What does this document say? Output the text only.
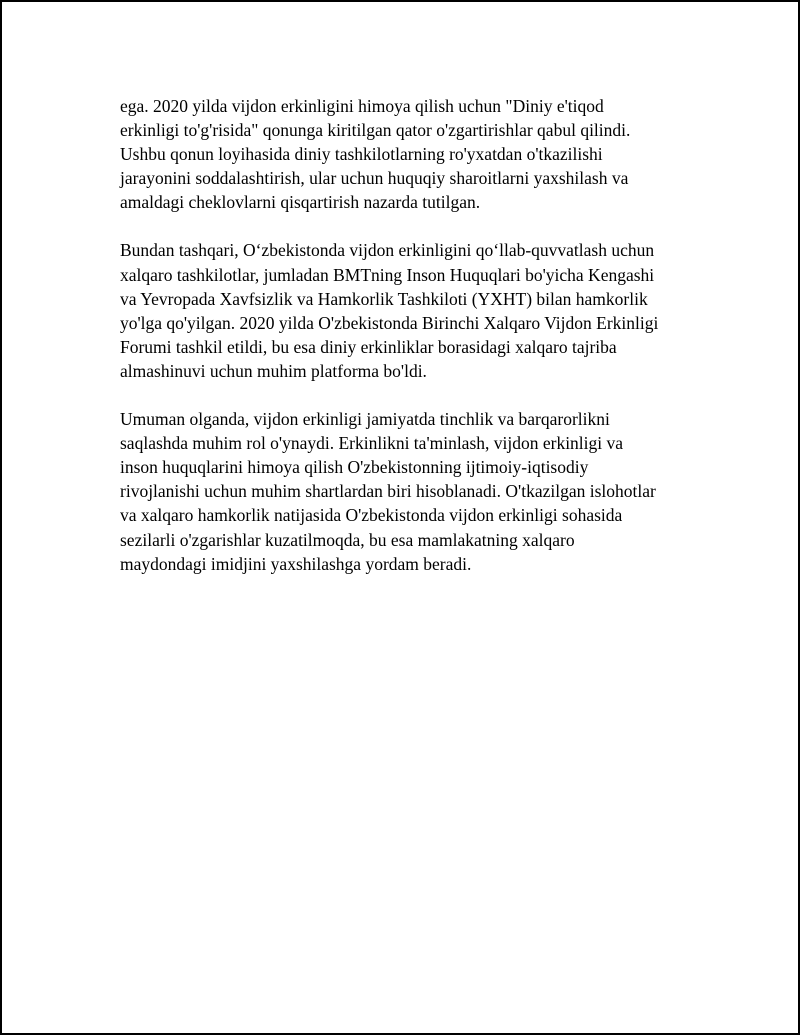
ega. 2020 yilda vijdon erkinligini himoya qilish uchun "Diniy e'tiqod
erkinligi to'g'risida" qonunga kiritilgan qator o'zgartirishlar qabul qilindi.
Ushbu qonun loyihasida diniy tashkilotlarning ro'yxatdan o'tkazilishi
jarayonini soddalashtirish, ular uchun huquqiy sharoitlarni yaxshilash va
amaldagi cheklovlarni qisqartirish nazarda tutilgan.

Bundan tashqari, O‘zbekistonda vijdon erkinligini qo‘llab-quvvatlash uchun
xalqaro tashkilotlar, jumladan BMTning Inson Huquqlari bo'yicha Kengashi
va Yevropada Xavfsizlik va Hamkorlik Tashkiloti (YXHT) bilan hamkorlik
yo'lga qo'yilgan. 2020 yilda O'zbekistonda Birinchi Xalqaro Vijdon Erkinligi
Forumi tashkil etildi, bu esa diniy erkinliklar borasidagi xalqaro tajriba
almashinuvi uchun muhim platforma bo'ldi.

Umuman olganda, vijdon erkinligi jamiyatda tinchlik va barqarorlikni
saqlashda muhim rol o'ynaydi. Erkinlikni ta'minlash, vijdon erkinligi va
inson huquqlarini himoya qilish O'zbekistonning ijtimoiy-iqtisodiy
rivojlanishi uchun muhim shartlardan biri hisoblanadi. O'tkazilgan islohotlar
va xalqaro hamkorlik natijasida O'zbekistonda vijdon erkinligi sohasida
sezilarli o'zgarishlar kuzatilmoqda, bu esa mamlakatning xalqaro
maydondagi imidjini yaxshilashga yordam beradi.
